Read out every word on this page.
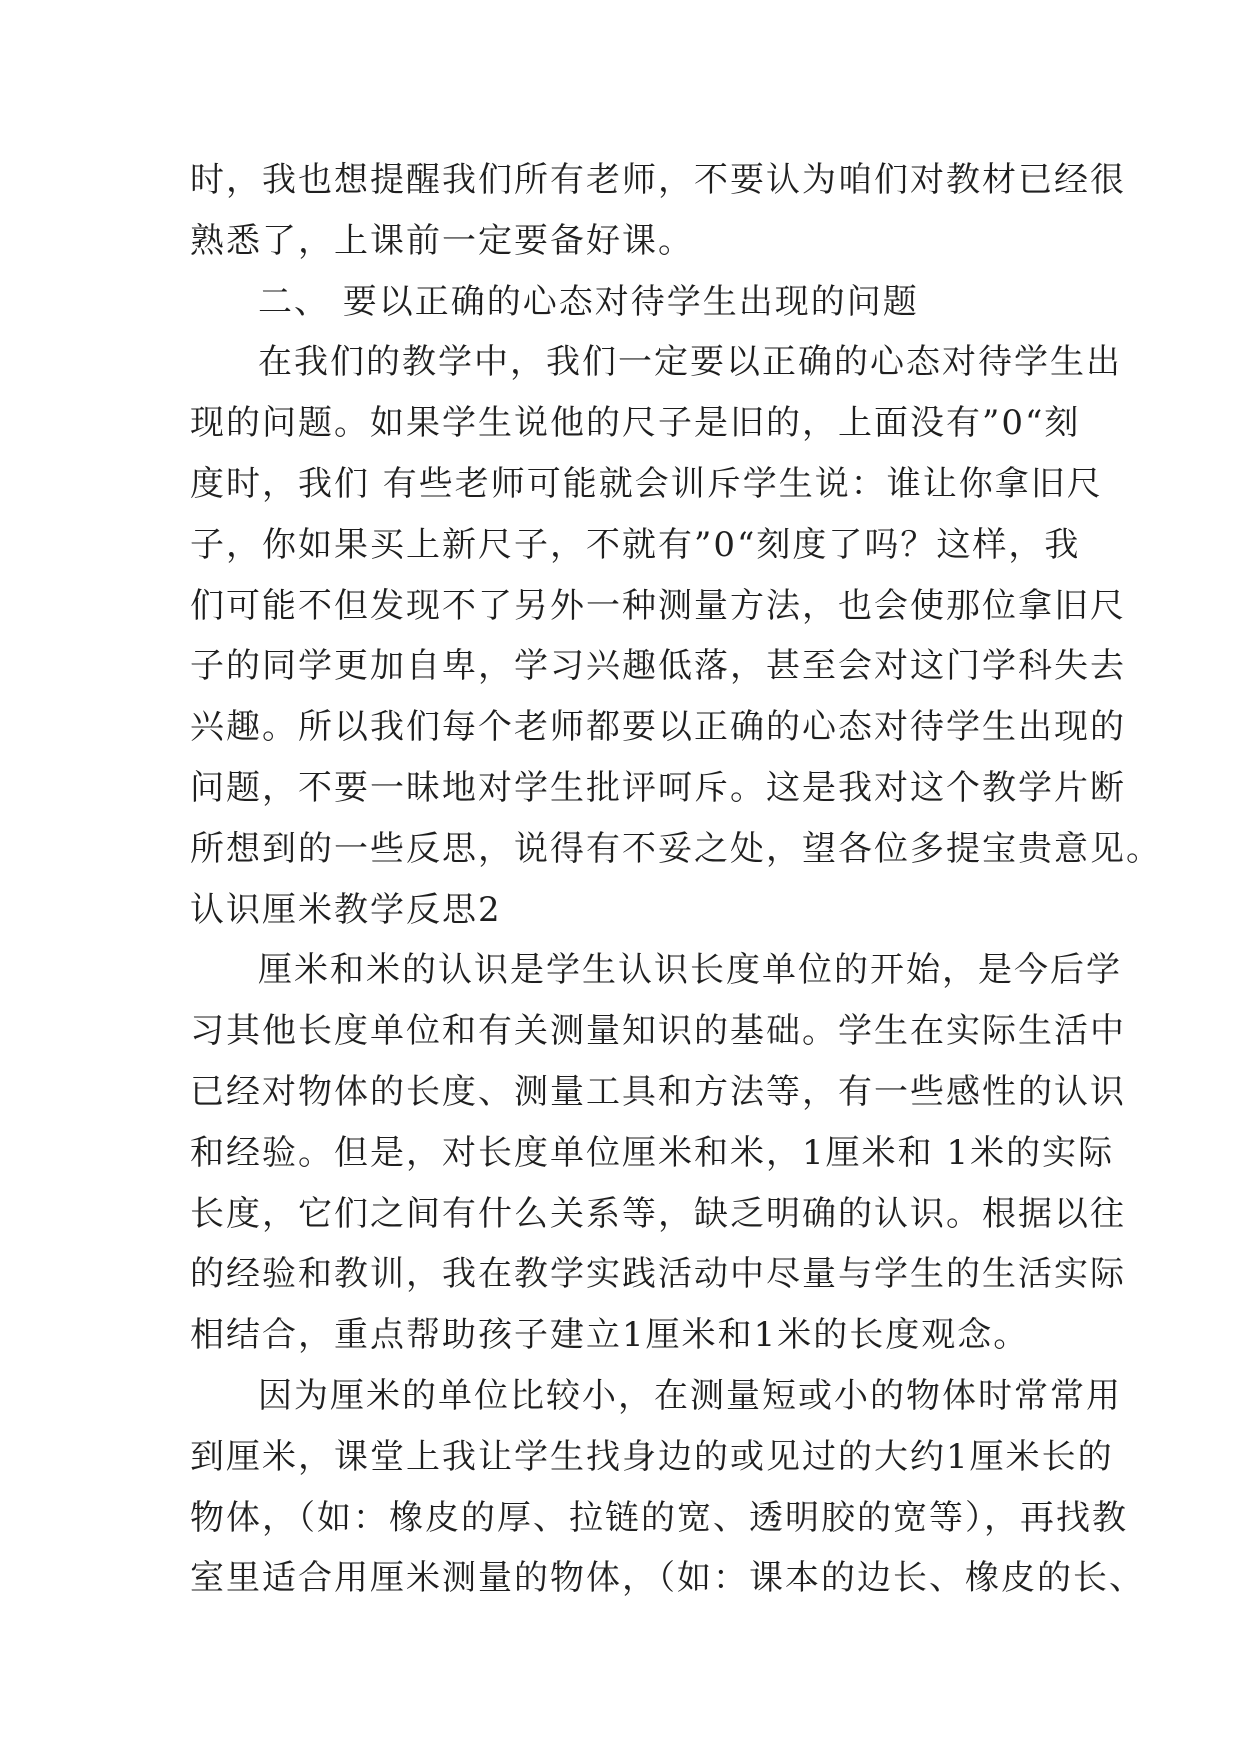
时，我也想提醒我们所有老师，不要认为咱们对教材已经很
熟悉了，上课前一定要备好课。
二、 要以正确的心态对待学生出现的问题
在我们的教学中，我们一定要以正确的心态对待学生出
现的问题。如果学生说他的尺子是旧的，上面没有”0“刻
度时，我们 有些老师可能就会训斥学生说：谁让你拿旧尺
子，你如果买上新尺子，不就有”0“刻度了吗？这样，我
们可能不但发现不了另外一种测量方法，也会使那位拿旧尺
子的同学更加自卑，学习兴趣低落，甚至会对这门学科失去
兴趣。所以我们每个老师都要以正确的心态对待学生出现的
问题，不要一昧地对学生批评呵斥。这是我对这个教学片断
所想到的一些反思，说得有不妥之处，望各位多提宝贵意见。
认识厘米教学反思2
厘米和米的认识是学生认识长度单位的开始，是今后学
习其他长度单位和有关测量知识的基础。学生在实际生活中
已经对物体的长度、测量工具和方法等，有一些感性的认识
和经验。但是，对长度单位厘米和米，1厘米和 1米的实际
长度，它们之间有什么关系等，缺乏明确的认识。根据以往
的经验和教训，我在教学实践活动中尽量与学生的生活实际
相结合，重点帮助孩子建立1厘米和1米的长度观念。
因为厘米的单位比较小，在测量短或小的物体时常常用
到厘米，课堂上我让学生找身边的或见过的大约1厘米长的
物体，（如：橡皮的厚、拉链的宽、透明胶的宽等），再找教
室里适合用厘米测量的物体，（如：课本的边长、橡皮的长、
